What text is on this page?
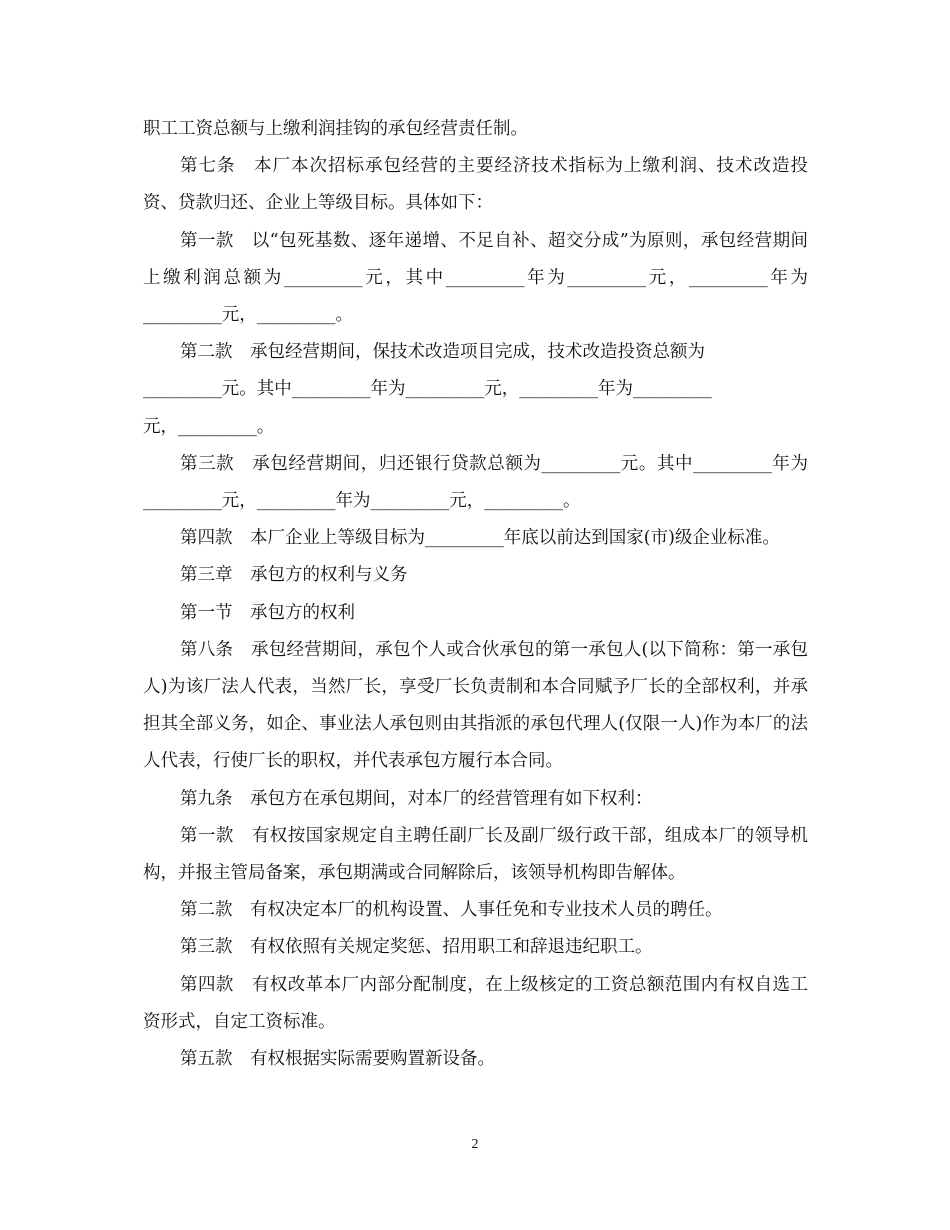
职工工资总额与上缴利润挂钩的承包经营责任制。

第七条　本厂本次招标承包经营的主要经济技术指标为上缴利润、技术改造投资、贷款归还、企业上等级目标。具体如下：

第一款　以“包死基数、逐年递增、不足自补、超交分成”为原则，承包经营期间上缴利润总额为_________元，其中_________年为_________元，_________年为_________元，_________。

第二款　承包经营期间，保技术改造项目完成，技术改造投资总额为
_________元。其中_________年为_________元，_________年为_________
元，_________。

第三款　承包经营期间，归还银行贷款总额为_________元。其中_________年为_________元，_________年为_________元，_________。

第四款　本厂企业上等级目标为_________年底以前达到国家(市)级企业标准。

第三章　承包方的权利与义务

第一节　承包方的权利

第八条　承包经营期间，承包个人或合伙承包的第一承包人(以下简称：第一承包人)为该厂法人代表，当然厂长，享受厂长负责制和本合同赋予厂长的全部权利，并承担其全部义务，如企、事业法人承包则由其指派的承包代理人(仅限一人)作为本厂的法人代表，行使厂长的职权，并代表承包方履行本合同。

第九条　承包方在承包期间，对本厂的经营管理有如下权利：

第一款　有权按国家规定自主聘任副厂长及副厂级行政干部，组成本厂的领导机构，并报主管局备案，承包期满或合同解除后，该领导机构即告解体。

第二款　有权决定本厂的机构设置、人事任免和专业技术人员的聘任。

第三款　有权依照有关规定奖惩、招用职工和辞退违纪职工。

第四款　有权改革本厂内部分配制度，在上级核定的工资总额范围内有权自选工资形式，自定工资标准。

第五款　有权根据实际需要购置新设备。

2
